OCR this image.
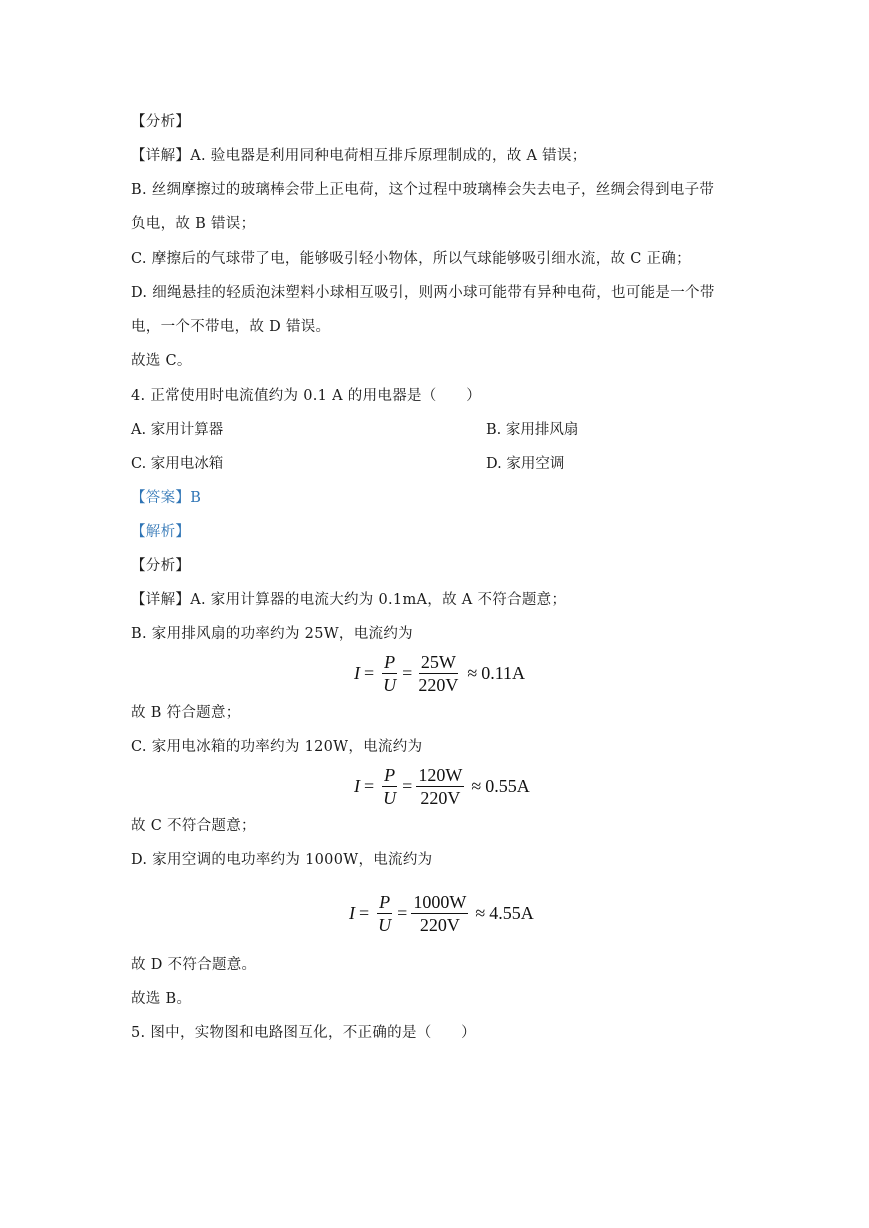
【分析】
【详解】A. 验电器是利用同种电荷相互排斥原理制成的，故 A 错误；
B. 丝绸摩擦过的玻璃棒会带上正电荷，这个过程中玻璃棒会失去电子，丝绸会得到电子带
负电，故 B 错误；
C. 摩擦后的气球带了电，能够吸引轻小物体，所以气球能够吸引细水流，故 C 正确；
D. 细绳悬挂的轻质泡沫塑料小球相互吸引，则两小球可能带有异种电荷，也可能是一个带
电，一个不带电，故 D 错误。
故选 C。
4. 正常使用时电流值约为 0.1 A 的用电器是（　　）
A. 家用计算器	B. 家用排风扇
C. 家用电冰箱	D. 家用空调
【答案】B
【解析】
【分析】
【详解】A. 家用计算器的电流大约为 0.1mA，故 A 不符合题意；
B. 家用排风扇的功率约为 25W，电流约为
$I = \frac{P}{U} = \frac{25W}{220V} \approx 0.11A$
故 B 符合题意；
C. 家用电冰箱的功率约为 120W，电流约为
$I = \frac{P}{U} = \frac{120W}{220V} \approx 0.55A$
故 C 不符合题意；
D. 家用空调的电功率约为 1000W，电流约为
$I = \frac{P}{U} = \frac{1000W}{220V} \approx 4.55A$
故 D 不符合题意。
故选 B。
5. 图中，实物图和电路图互化，不正确的是（　　）
